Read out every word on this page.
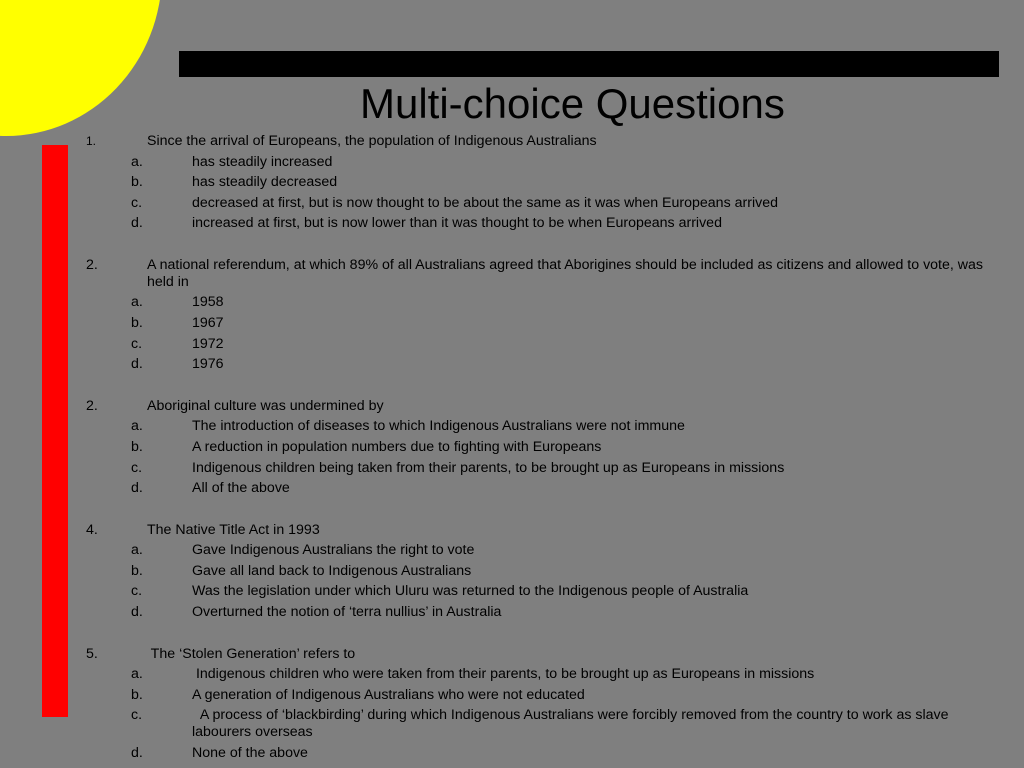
Multi-choice Questions
1.	Since the arrival of Europeans, the population of Indigenous Australians
a.	has steadily increased
b.	has steadily decreased
c.	decreased at first, but is now thought to be about the same as it was when Europeans arrived
d.	increased at first, but is now lower than it was thought to be when Europeans arrived
2.	A national referendum, at which 89% of all Australians agreed that Aborigines should be included as citizens and allowed to vote, was held in
a.	1958
b.	1967
c.	1972
d.	1976
2.	Aboriginal culture was undermined by
a.	The introduction of diseases to which Indigenous Australians were not immune
b.	A reduction in population numbers due to fighting with Europeans
c.	Indigenous children being taken from their parents, to be brought up as Europeans in missions
d.	All of the above
4.	The Native Title Act in 1993
a.	Gave Indigenous Australians the right to vote
b.	Gave all land back to Indigenous Australians
c.	Was the legislation under which Uluru was returned to the Indigenous people of Australia
d.	Overturned the notion of ‘terra nullius’ in Australia
5.	The ‘Stolen Generation’ refers to
a.	Indigenous children who were taken from their parents, to be brought up as Europeans in missions
b.	A generation of Indigenous Australians who were not educated
c.	A process of ‘blackbirding’ during which Indigenous Australians were forcibly removed from the country to work as slave labourers overseas
d.	None of the above
